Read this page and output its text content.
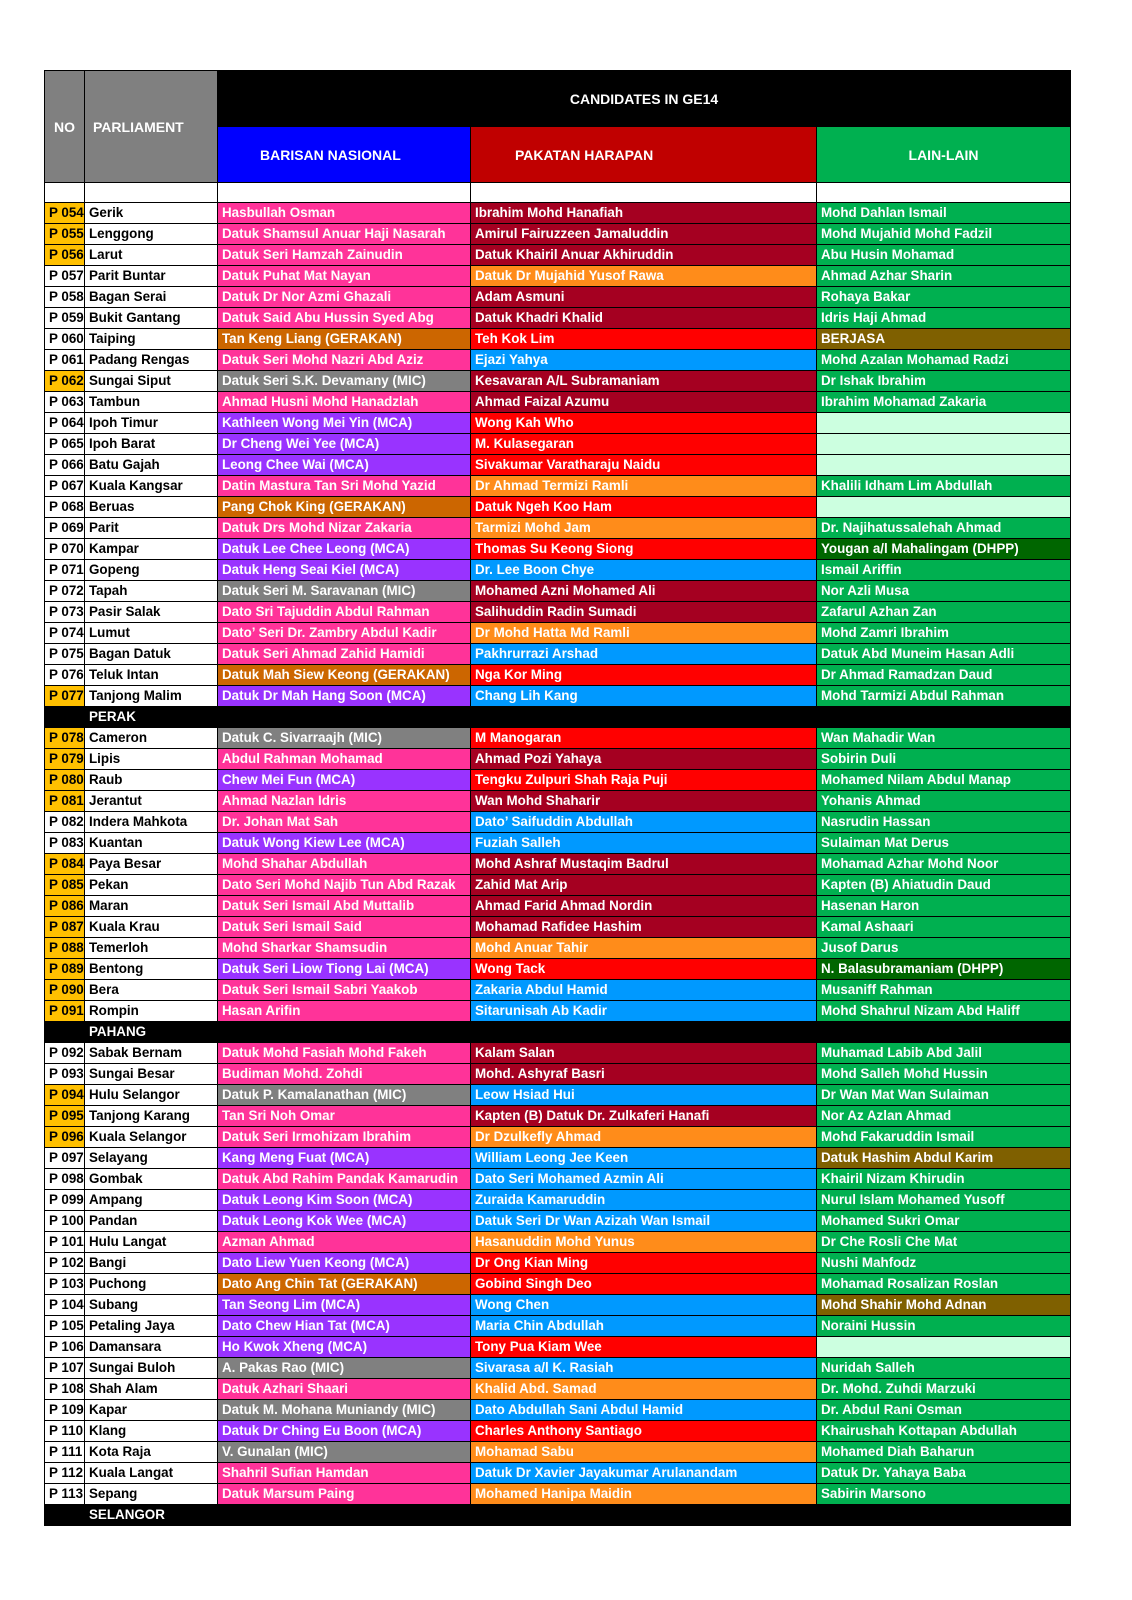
NO	PARLIAMENT	CANDIDATES IN GE14		
		BARISAN NASIONAL	PAKATAN HARAPAN	LAIN-LAIN

P 054	Gerik	Hasbullah Osman	Ibrahim Mohd Hanafiah	Mohd Dahlan Ismail
P 055	Lenggong	Datuk Shamsul Anuar Haji Nasarah	Amirul Fairuzzeen Jamaluddin	Mohd Mujahid Mohd Fadzil
P 056	Larut	Datuk Seri Hamzah Zainudin	Datuk Khairil Anuar Akhiruddin	Abu Husin Mohamad
P 057	Parit Buntar	Datuk Puhat Mat Nayan	Datuk Dr Mujahid Yusof Rawa	Ahmad Azhar Sharin
P 058	Bagan Serai	Datuk Dr Nor Azmi Ghazali	Adam Asmuni	Rohaya Bakar
P 059	Bukit Gantang	Datuk Said Abu Hussin Syed Abg	Datuk Khadri Khalid	Idris Haji Ahmad
P 060	Taiping	Tan Keng Liang (GERAKAN)	Teh Kok Lim	BERJASA
P 061	Padang Rengas	Datuk Seri Mohd Nazri Abd Aziz	Ejazi Yahya	Mohd Azalan Mohamad Radzi
P 062	Sungai Siput	Datuk Seri S.K. Devamany (MIC)	Kesavaran A/L Subramaniam	Dr Ishak Ibrahim
P 063	Tambun	Ahmad Husni Mohd Hanadzlah	Ahmad Faizal Azumu	Ibrahim Mohamad Zakaria
P 064	Ipoh Timur	Kathleen Wong Mei Yin (MCA)	Wong Kah Who	
P 065	Ipoh Barat	Dr Cheng Wei Yee (MCA)	M. Kulasegaran	
P 066	Batu Gajah	Leong Chee Wai (MCA)	Sivakumar Varatharaju Naidu	
P 067	Kuala Kangsar	Datin Mastura Tan Sri Mohd Yazid	Dr Ahmad Termizi Ramli	Khalili Idham Lim Abdullah
P 068	Beruas	Pang Chok King (GERAKAN)	Datuk Ngeh Koo Ham	
P 069	Parit	Datuk Drs Mohd Nizar Zakaria	Tarmizi Mohd Jam	Dr. Najihatussalehah Ahmad
P 070	Kampar	Datuk Lee Chee Leong (MCA)	Thomas Su Keong Siong	Yougan a/l Mahalingam (DHPP)
P 071	Gopeng	Datuk Heng Seai Kiel (MCA)	Dr. Lee Boon Chye	Ismail Ariffin
P 072	Tapah	Datuk Seri M. Saravanan (MIC)	Mohamed Azni Mohamed Ali	Nor Azli Musa
P 073	Pasir Salak	Dato Sri Tajuddin Abdul Rahman	Salihuddin Radin Sumadi	Zafarul Azhan Zan
P 074	Lumut	Dato’ Seri Dr. Zambry Abdul Kadir	Dr Mohd Hatta Md Ramli	Mohd Zamri Ibrahim
P 075	Bagan Datuk	Datuk Seri Ahmad Zahid Hamidi	Pakhrurrazi Arshad	Datuk Abd Muneim Hasan Adli
P 076	Teluk Intan	Datuk Mah Siew Keong (GERAKAN)	Nga Kor Ming	Dr Ahmad Ramadzan Daud
P 077	Tanjong Malim	Datuk Dr Mah Hang Soon (MCA)	Chang Lih Kang	Mohd Tarmizi Abdul Rahman
	PERAK			
P 078	Cameron	Datuk C. Sivarraajh (MIC)	M Manogaran	Wan Mahadir Wan
P 079	Lipis	Abdul Rahman Mohamad	Ahmad Pozi Yahaya	Sobirin Duli
P 080	Raub	Chew Mei Fun (MCA)	Tengku Zulpuri Shah Raja Puji	Mohamed Nilam Abdul Manap
P 081	Jerantut	Ahmad Nazlan Idris	Wan Mohd Shaharir	Yohanis Ahmad
P 082	Indera Mahkota	Dr. Johan Mat Sah	Dato’ Saifuddin Abdullah	Nasrudin Hassan
P 083	Kuantan	Datuk Wong Kiew Lee (MCA)	Fuziah Salleh	Sulaiman Mat Derus
P 084	Paya Besar	Mohd Shahar Abdullah	Mohd Ashraf Mustaqim Badrul	Mohamad Azhar Mohd Noor
P 085	Pekan	Dato Seri Mohd Najib Tun Abd Razak	Zahid Mat Arip	Kapten (B) Ahiatudin Daud
P 086	Maran	Datuk Seri Ismail Abd Muttalib	Ahmad Farid Ahmad Nordin	Hasenan Haron
P 087	Kuala Krau	Datuk Seri Ismail Said	Mohamad Rafidee Hashim	Kamal Ashaari
P 088	Temerloh	Mohd Sharkar Shamsudin	Mohd Anuar Tahir	Jusof Darus
P 089	Bentong	Datuk Seri Liow Tiong Lai (MCA)	Wong Tack	N. Balasubramaniam (DHPP)
P 090	Bera	Datuk Seri Ismail Sabri Yaakob	Zakaria Abdul Hamid	Musaniff Rahman
P 091	Rompin	Hasan Arifin	Sitarunisah Ab Kadir	Mohd Shahrul Nizam Abd Haliff
	PAHANG			
P 092	Sabak Bernam	Datuk Mohd Fasiah Mohd Fakeh	Kalam Salan	Muhamad Labib Abd Jalil
P 093	Sungai Besar	Budiman Mohd. Zohdi	Mohd. Ashyraf Basri	Mohd Salleh Mohd Hussin
P 094	Hulu Selangor	Datuk P. Kamalanathan (MIC)	Leow Hsiad Hui	Dr Wan Mat Wan Sulaiman
P 095	Tanjong Karang	Tan Sri Noh Omar	Kapten (B) Datuk Dr. Zulkaferi Hanafi	Nor Az Azlan Ahmad
P 096	Kuala Selangor	Datuk Seri Irmohizam Ibrahim	Dr Dzulkefly Ahmad	Mohd Fakaruddin Ismail
P 097	Selayang	Kang Meng Fuat (MCA)	William Leong Jee Keen	Datuk Hashim Abdul Karim
P 098	Gombak	Datuk Abd Rahim Pandak Kamarudin	Dato Seri Mohamed Azmin Ali	Khairil Nizam Khirudin
P 099	Ampang	Datuk Leong Kim Soon (MCA)	Zuraida Kamaruddin	Nurul Islam Mohamed Yusoff
P 100	Pandan	Datuk Leong Kok Wee (MCA)	Datuk Seri Dr Wan Azizah Wan Ismail	Mohamed Sukri Omar
P 101	Hulu Langat	Azman Ahmad	Hasanuddin Mohd Yunus	Dr Che Rosli Che Mat
P 102	Bangi	Dato Liew Yuen Keong (MCA)	Dr Ong Kian Ming	Nushi Mahfodz
P 103	Puchong	Dato Ang Chin Tat (GERAKAN)	Gobind Singh Deo	Mohamad Rosalizan Roslan
P 104	Subang	Tan Seong Lim (MCA)	Wong Chen	Mohd Shahir Mohd Adnan
P 105	Petaling Jaya	Dato Chew Hian Tat (MCA)	Maria Chin Abdullah	Noraini Hussin
P 106	Damansara	Ho Kwok Xheng (MCA)	Tony Pua Kiam Wee	
P 107	Sungai Buloh	A. Pakas Rao (MIC)	Sivarasa a/l K. Rasiah	Nuridah Salleh
P 108	Shah Alam	Datuk Azhari Shaari	Khalid Abd. Samad	Dr. Mohd. Zuhdi Marzuki
P 109	Kapar	Datuk M. Mohana Muniandy (MIC)	Dato Abdullah Sani Abdul Hamid	Dr. Abdul Rani Osman
P 110	Klang	Datuk Dr Ching Eu Boon (MCA)	Charles Anthony Santiago	Khairushah Kottapan Abdullah
P 111	Kota Raja	V. Gunalan (MIC)	Mohamad Sabu	Mohamed Diah Baharun
P 112	Kuala Langat	Shahril Sufian Hamdan	Datuk Dr Xavier Jayakumar Arulanandam	Datuk Dr. Yahaya Baba
P 113	Sepang	Datuk Marsum Paing	Mohamed Hanipa Maidin	Sabirin Marsono
	SELANGOR			
